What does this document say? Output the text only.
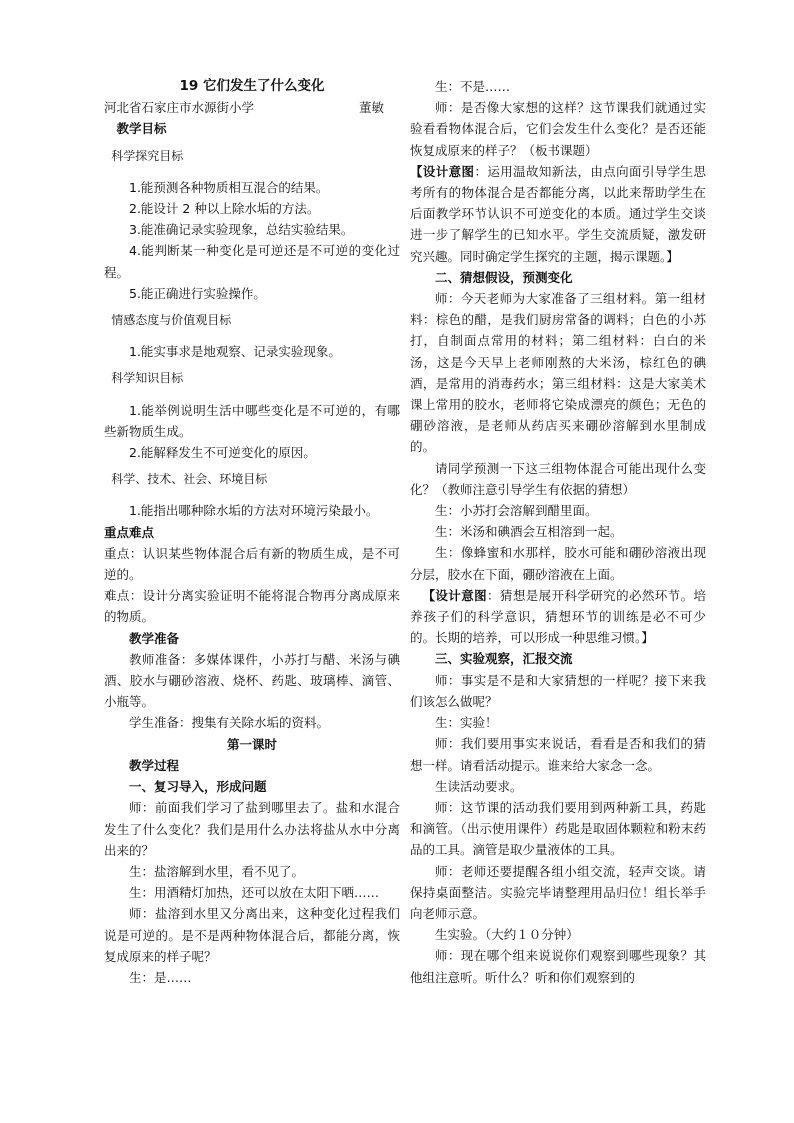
19 它们发生了什么变化

河北省石家庄市水源街小学	董敏

教学目标

科学探究目标

1.能预测各种物质相互混合的结果。

2.能设计 2 种以上除水垢的方法。

3.能准确记录实验现象，总结实验结果。

4.能判断某一种变化是可逆还是不可逆的变化过程。

5.能正确进行实验操作。

情感态度与价值观目标

1.能实事求是地观察、记录实验现象。

科学知识目标

1.能举例说明生活中哪些变化是不可逆的，有哪些新物质生成。

2.能解释发生不可逆变化的原因。

科学、技术、社会、环境目标

1.能指出哪种除水垢的方法对环境污染最小。

重点难点

重点：认识某些物体混合后有新的物质生成，是不可逆的。

难点：设计分离实验证明不能将混合物再分离成原来的物质。

教学准备

教师准备：多媒体课件，小苏打与醋、米汤与碘酒、胶水与硼砂溶液、烧杯、药匙、玻璃棒、滴管、小瓶等。

学生准备：搜集有关除水垢的资料。

第一课时

教学过程

一、复习导入，形成问题

师：前面我们学习了盐到哪里去了。盐和水混合发生了什么变化？我们是用什么办法将盐从水中分离出来的？

生：盐溶解到水里，看不见了。

生：用酒精灯加热，还可以放在太阳下晒……

师：盐溶到水里又分离出来，这种变化过程我们说是可逆的。是不是两种物体混合后，都能分离，恢复成原来的样子呢？

生：是……

生：不是……

师：是否像大家想的这样？这节课我们就通过实验看看物体混合后，它们会发生什么变化？是否还能恢复成原来的样子？（板书课题）

【设计意图：运用温故知新法，由点向面引导学生思考所有的物体混合是否都能分离，以此来帮助学生在后面教学环节认识不可逆变化的本质。通过学生交谈进一步了解学生的已知水平。学生交流质疑，激发研究兴趣。同时确定学生探究的主题，揭示课题。】

二、猜想假设，预测变化

师：今天老师为大家准备了三组材料。第一组材料：棕色的醋，是我们厨房常备的调料；白色的小苏打，自制面点常用的材料；第二组材料：白白的米汤，这是今天早上老师刚熬的大米汤，棕红色的碘酒，是常用的消毒药水；第三组材料：这是大家美术课上常用的胶水，老师将它染成漂亮的颜色；无色的硼砂溶液，是老师从药店买来硼砂溶解到水里制成的。

请同学预测一下这三组物体混合可能出现什么变化？（教师注意引导学生有依据的猜想）

生：小苏打会溶解到醋里面。

生：米汤和碘酒会互相溶到一起。

生：像蜂蜜和水那样，胶水可能和硼砂溶液出现分层，胶水在下面，硼砂溶液在上面。

【设计意图：猜想是展开科学研究的必然环节。培养孩子们的科学意识，猜想环节的训练是必不可少的。长期的培养，可以形成一种思维习惯。】

三、实验观察，汇报交流

师：事实是不是和大家猜想的一样呢？接下来我们该怎么做呢？

生：实验！

师：我们要用事实来说话，看看是否和我们的猜想一样。请看活动提示。谁来给大家念一念。

生读活动要求。

师：这节课的活动我们要用到两种新工具，药匙和滴管。（出示使用课件）药匙是取固体颗粒和粉末药品的工具。滴管是取少量液体的工具。

师：老师还要提醒各组小组交流，轻声交谈。请保持桌面整洁。实验完毕请整理用品归位！组长举手向老师示意。

生实验。（大约１０分钟）

师：现在哪个组来说说你们观察到哪些现象？其他组注意听。听什么？听和你们观察到的
